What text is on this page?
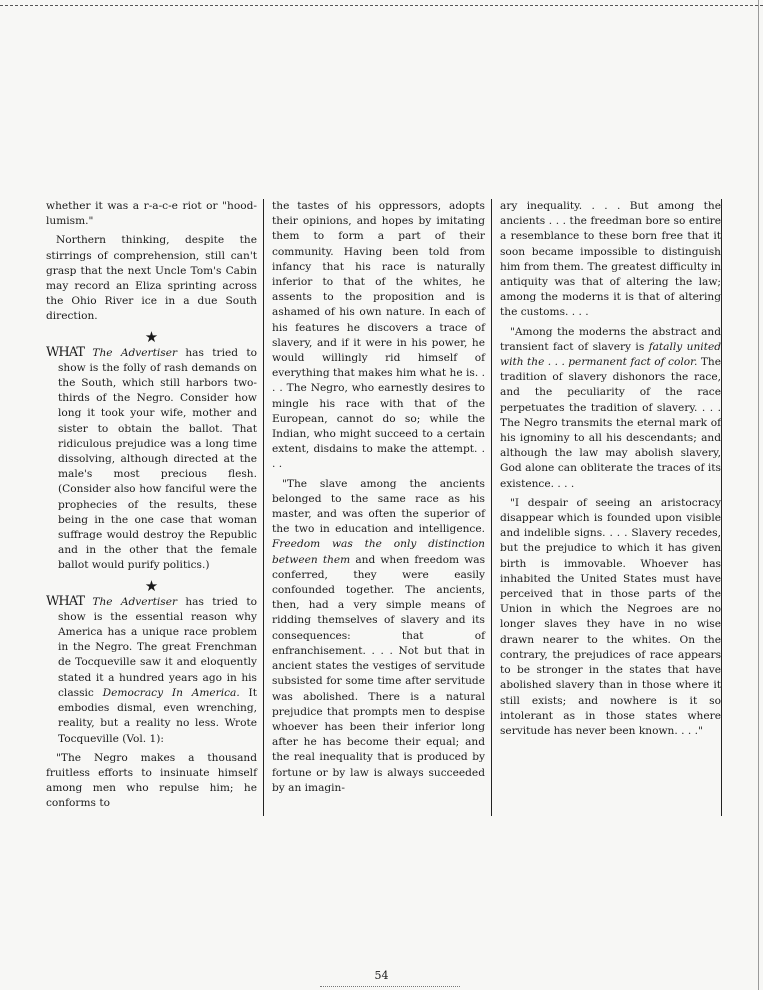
whether it was a r-a-c-e riot or "hood-lumism."

Northern thinking, despite the stirrings of comprehension, still can't grasp that the next Uncle Tom's Cabin may record an Eliza sprinting across the Ohio River ice in a due South direction.

★

WHAT The Advertiser has tried to show is the folly of rash demands on the South, which still harbors two-thirds of the Negro. Consider how long it took your wife, mother and sister to obtain the ballot. That ridiculous prejudice was a long time dissolving, although directed at the male's most precious flesh. (Consider also how fanciful were the prophecies of the results, these being in the one case that woman suffrage would destroy the Republic and in the other that the female ballot would purify politics.)

★

WHAT The Advertiser has tried to show is the essential reason why America has a unique race problem in the Negro. The great Frenchman de Tocqueville saw it and eloquently stated it a hundred years ago in his classic Democracy In America. It embodies dismal, even wrenching, reality, but a reality no less. Wrote Tocqueville (Vol. 1):

"The Negro makes a thousand fruitless efforts to insinuate himself among men who repulse him; he conforms to

the tastes of his oppressors, adopts their opinions, and hopes by imitating them to form a part of their community. Having been told from infancy that his race is naturally inferior to that of the whites, he assents to the proposition and is ashamed of his own nature. In each of his features he discovers a trace of slavery, and if it were in his power, he would willingly rid himself of everything that makes him what he is. . . . The Negro, who earnestly desires to mingle his race with that of the European, cannot do so; while the Indian, who might succeed to a certain extent, disdains to make the attempt. . . .

"The slave among the ancients belonged to the same race as his master, and was often the superior of the two in education and intelligence. Freedom was the only distinction between them and when freedom was conferred, they were easily confounded together. The ancients, then, had a very simple means of ridding themselves of slavery and its consequences: that of enfranchisement. . . . Not but that in ancient states the vestiges of servitude subsisted for some time after servitude was abolished. There is a natural prejudice that prompts men to despise whoever has been their inferior long after he has become their equal; and the real inequality that is produced by fortune or by law is always succeeded by an imagin-

ary inequality. . . . But among the ancients . . . the freedman bore so entire a resemblance to these born free that it soon became impossible to distinguish him from them. The greatest difficulty in antiquity was that of altering the law; among the moderns it is that of altering the customs. . . .

"Among the moderns the abstract and transient fact of slavery is fatally united with the . . . permanent fact of color. The tradition of slavery dishonors the race, and the peculiarity of the race perpetuates the tradition of slavery. . . . The Negro transmits the eternal mark of his ignominy to all his descendants; and although the law may abolish slavery, God alone can obliterate the traces of its existence. . . .

"I despair of seeing an aristocracy disappear which is founded upon visible and indelible signs. . . . Slavery recedes, but the prejudice to which it has given birth is immovable. Whoever has inhabited the United States must have perceived that in those parts of the Union in which the Negroes are no longer slaves they have in no wise drawn nearer to the whites. On the contrary, the prejudices of race appears to be stronger in the states that have abolished slavery than in those where it still exists; and nowhere is it so intolerant as in those states where servitude has never been known. . . ."

54
